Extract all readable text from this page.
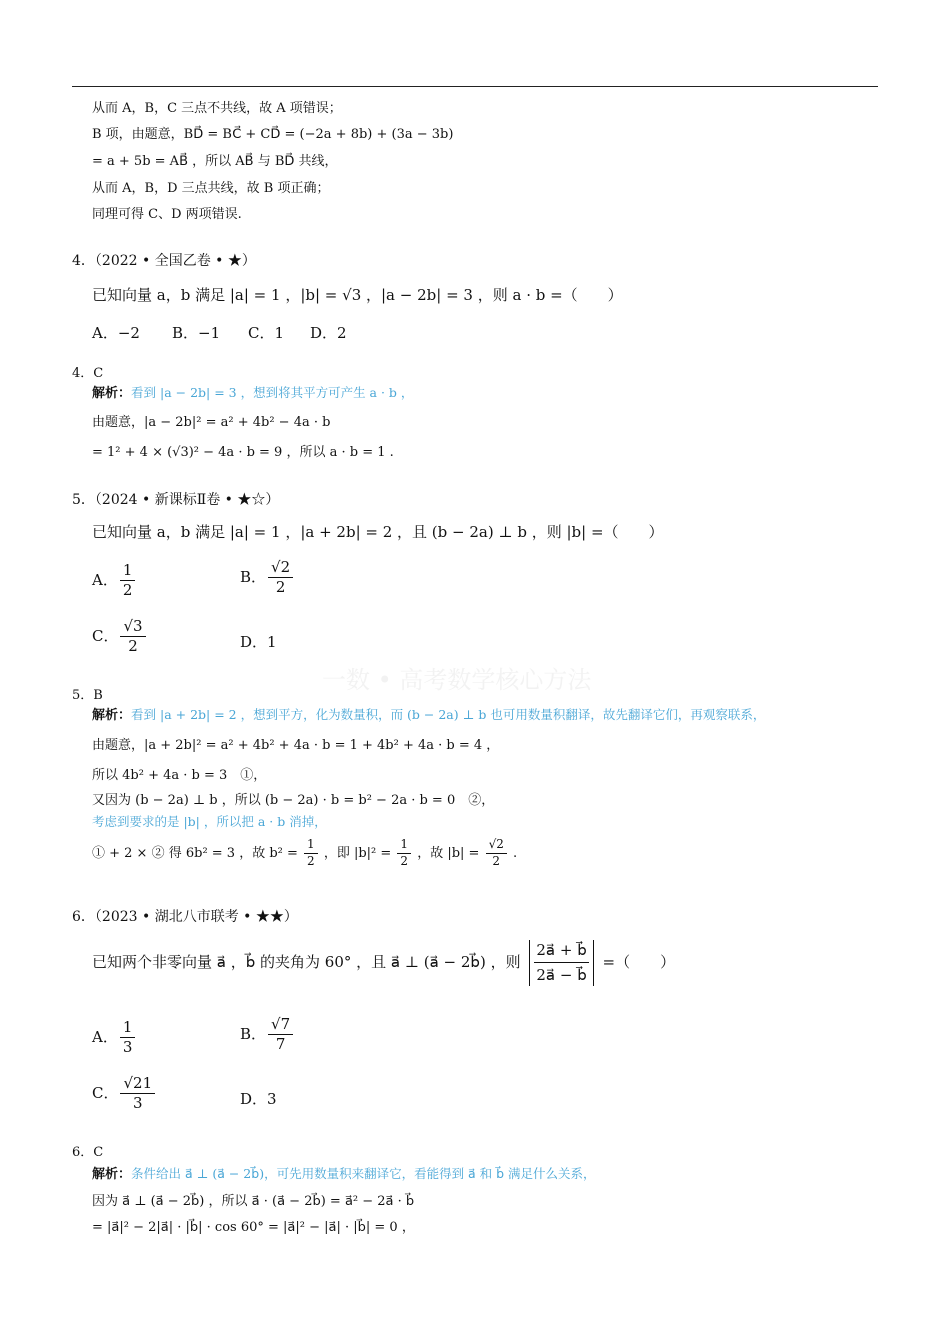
从而 A，B，C 三点不共线，故 A 项错误；
B 项，由题意，BD⃗ = BC⃗ + CD⃗ = (−2a + 8b) + (3a − 3b)
= a + 5b = AB⃗ ，所以 AB⃗ 与 BD⃗ 共线，
从而 A，B，D 三点共线，故 B 项正确；
同理可得 C、D 两项错误.
4．（2022 • 全国乙卷 • ★）
已知向量 a，b 满足 |a| = 1 ，|b| = √3 ，|a − 2b| = 3 ，则 a · b =（　　）
A．−2 B．−1 C．1 D．2
4．C
解析：看到 |a − 2b| = 3 ，想到将其平方可产生 a · b ，
由题意，|a − 2b|² = a² + 4b² − 4a · b
= 1² + 4 × (√3)² − 4a · b = 9 ，所以 a · b = 1 .
5．（2024 • 新课标Ⅱ卷 • ★☆）
已知向量 a，b 满足 |a| = 1 ，|a + 2b| = 2 ，且 (b − 2a) ⊥ b ，则 |b| =（　　）
A． $\frac{1}{2}$	B． $\frac{√2}{2}$
C． $\frac{√3}{2}$	D．1
5．B
解析：看到 |a + 2b| = 2 ，想到平方，化为数量积，而 (b − 2a) ⊥ b 也可用数量积翻译，故先翻译它们，再观察联系，
由题意，|a + 2b|² = a² + 4b² + 4a · b = 1 + 4b² + 4a · b = 4 ，
所以 4b² + 4a · b = 3　①，
又因为 (b − 2a) ⊥ b ，所以 (b − 2a) · b = b² − 2a · b = 0　②，
考虑到要求的是 |b| ，所以把 a · b 消掉，
① + 2 × ② 得 6b² = 3 ，故 $b^2 = \frac{1}{2}$ ，即 $|b|^2 = \frac{1}{2}$ ，故 $|b| = \frac{√2}{2}$ .
一数 • 高考数学核心方法
6．（2023 • 湖北八市联考 • ★★）
已知两个非零向量 a⃗ ，b⃗ 的夹角为 60° ，且 a⃗ ⊥ (a⃗ − 2b⃗) ，则 $\frac{2a⃗ + b⃗}{2a⃗ - b⃗}$ =（　　）
A． $\frac{1}{3}$	B． $\frac{√7}{7}$
C． $\frac{√21}{3}$	D．3
6．C
解析：条件给出 a⃗ ⊥ (a⃗ − 2b⃗)，可先用数量积来翻译它，看能得到 a⃗ 和 b⃗ 满足什么关系，
因为 a⃗ ⊥ (a⃗ − 2b⃗) ，所以 a⃗ · (a⃗ − 2b⃗) = a⃗² − 2a⃗ · b⃗
= |a⃗|² − 2|a⃗| · |b⃗| · cos 60° = |a⃗|² − |a⃗| · |b⃗| = 0 ，
